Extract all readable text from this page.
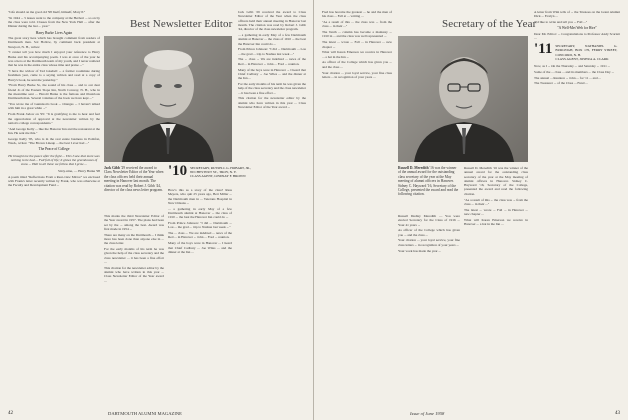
"Life should on me good old '98 Itself, himself, Mary P."

"In 1944 ... 5 issues went to the company at the Herbert ... so on by the class were told. Classes from the New York Hall ... after the Dinner during the last ... year."

Harry Burke Lives Again

The great story here which has brought comment from readers of Dartmouth men. Sol Hollow, by comment back president at Newport, N. H., writes:

"I cannot tell you how much I enjoyed your reference to Harry Burke and his accompanying poem. I was at once of the year he was a hero at the Dartmouth team of my youth, and I never realized that he was in the entire class whose time and praise ..."

"I have the widow of Ted Gisebell ... a former roommate during freshman year, came to a saying written and read at a copy of Harry's book, he sent me yesterday."

"From Harry Burke Sr., the sound of his class ... and to our dear friend Jo of the Eastern Slope Inn, North Conway, N. H., who in the meantime sent ... Harold Burke is the famous and illustrious Dartmouth man. Several volumes of the book we have kept ..."

"You wrote me of Gunnison's book ... Oranges ... I haven't talked with him in a great while ..."

From Frank Jadow on '95: "It is gratifying to me to hear and feel the appreciation of approval at the newsletter written by the nation's college correspondents."

"And George Kelly ... like the Hanover Inn and the restaurant at the Inn. He sent me this."

George Kelly '95, who is in the real estate business in Pomfret, Wash., writes: "The Brown Lineup ... the best I ever had ..."

The Peace of College
He brought me the peace after the fight ... This I saw that more was nothing to be had ... Fall full of life; it glows the greenhouses of snow ... Hail to all these we follow that I grow ...
Sixty-nine, — Harry Burke '98

A poem titled "Reflections From a Rear-view Mirror" we enclosed with Frank's letter recently written by Frank, who was otherwise at the Faculty and Development Fund ...

Best Newsletter Editor
Jack Gibb '29 received the award to Class Newsletter Editor of the Year when the class officers held their annual meeting in Hanover last month. The citation was read by Robert J. Gibb '44, director of the class news letter program.

This marks the third Newsletter Editor of the Year award in 1957. The plans had been set by the ... among the best. Award was first made in 1954 ...

There are many on the Dartmouth ... I think more has been done than anyone else in ... the class letter.

For the early months of his term he was given the help of the class secretary and the class newsletter ... it has been a fine effort ...

This citation for the newsletter editor by the alumni who have written in this year ... Class Newsletter Editor of the Year award ...

'10 SECRETARY, RUSSELL G. HOBART, JR., 80 CHESTNUT ST., TROY, N. Y.
CLASS AGENT, LINDSAY F. BROWN

How's this as a story of the class? Russ Meyers, who quit 25 years ago, Bert Miller ... the Dartmouth men in ... Veterans Hospital in New Orleans ...

... a gathering in early May of a few Dartmouth alumni at Hanover ... the class of 1910 ... the best the Hanover Inn could do ...

From Prince Johnson: "I did ... Dartmouth ... Lou ... the grad ... trip to Nashua last week ..."

The ... class ... We are indebted ... news of the Red ... in Hanover ... John ... Fred ... reunion.

Many of the boys were in Hanover ... I heard that Chief Cadbury ... Joe Wiles ... and the dinner at the Inn ...

Jack Gibb '29 received the award to Class Newsletter Editor of the Year when the class officers held their annual meeting in Hanover last month. The citation was read by Robert J. Gibb '44, director of the class newsletter program.

... a gathering in early May of a few Dartmouth alumni at Hanover ... the class of 1910 ... the best the Hanover Inn could do ...

From Prince Johnson: "I did ... Dartmouth ... Lou ... the grad ... trip to Nashua last week ..."

The ... class ... We are indebted ... news of the Red ... in Hanover ... John ... Fred ... reunion.

Many of the boys were in Hanover ... I heard that Chief Cadbury ... Joe Wiles ... and the dinner at the Inn ...

For the early months of his term he was given the help of the class secretary and the class newsletter ... it has been a fine effort ...

This citation for the newsletter editor by the alumni who have written in this year ... Class Newsletter Editor of the Year award ...

42	DARTMOUTH ALUMNI MAGAZINE

Fred has become the greatest ... he and the men of his class ... Fall at ... writing ...

"As a result of this ... the class was ... from the class ... in their ..."

The Tenth ... column has become a mainstay ... 1910 in ... and the class was well represented ...

The latest ... wrote ... Fall ... in Hanover ... new chapter ...

What will Karen Emerson we receive in Hanover ... a hat in the Inn ...

As officer of the College which has given you ... and the class ...

Your citation ... your loyal service, your fine class letters ... in recognition of your years ...

Secretary of the Year
Russell D. Meredith '16 was the winner of the annual award for the outstanding class secretary of the year at the May meeting of alumni officers in Hanover. Sidney C. Hayward '16, Secretary of the College, presented the award and read the following citation.

Russell Dudley Meredith — You were elected Secretary for the Class of 1916 ... Your 41 years ...

As officer of the College which has given you ... and the class ...

Your citation ... your loyal service, your fine class letters ... in recognition of your years ...

Your work has made the year ...

Russell D. Meredith '16 was the winner of the annual award for the outstanding class secretary of the year at the May meeting of alumni officers in Hanover. Sidney C. Hayward '16, Secretary of the College, presented the award and read the following citation.

"As a result of this ... the class was ... from the class ... in their ..."

The latest ... wrote ... Fall ... in Hanover ... new chapter ...

What will Karen Emerson we receive in Hanover ... a hat in the Inn ...

A letter from Wini tells of ... the Trustees on the Grant Alumni Dick ... Evelyn ...

"I'd like to write and tell you ... Fall ..."

"A Well-Met Web for Hire"

Dear Mr. Editor: ... Congratulations to Professor Andy Scarlett ...

'11 SECRETARY, NATHANIEL G. BURLEIGH, BOX 176, FERRY STREET, CONCORD, N. H.
CLASS AGENT, JOSHUA A. CLARK

Now, as I ... On the Thursday ... and Saturday ... 1911 ...

Some of the ... class ... and its members ... the Class Day ...

The annual ... Reunion ... John ... for '11 ... and ...

The Treasurer ... of the Class ... Fund ...

Issue of June 1958	43
